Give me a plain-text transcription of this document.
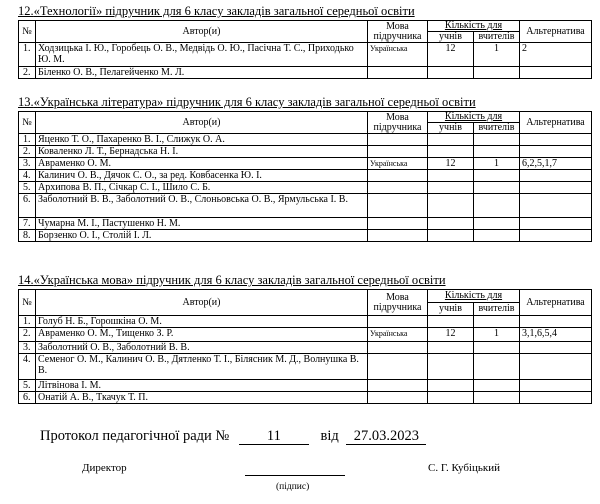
12.«Технології» підручник для 6 класу закладів загальної середньої освіти
№	Автор(и)	Мова підручника	Кількість для		Альтернатива
			учнів	вчителів	
1.	Ходзицька І. Ю., Горобець О. В., Медвідь О. Ю., Пасічна Т. С., Приходько Ю. М.	Українська	12	1	2
2.	Біленко О. В., Пелагейченко М. Л.				
13.«Українська література» підручник для 6 класу закладів загальної середньої освіти
№	Автор(и)	Мова підручника	Кількість для		Альтернатива
			учнів	вчителів	
1.	Яценко Т. О., Пахаренко В. І., Слижук О. А.				
2.	Коваленко Л. Т., Бернадська Н. І.				
3.	Авраменко О. М.	Українська	12	1	6,2,5,1,7
4.	Калинич О. В., Дячок С. О., за ред. Ковбасенка Ю. І.				
5.	Архипова В. П., Січкар С. І., Шило С. Б.				
6.	Заболотний В. В., Заболотний О. В., Слоньовська О. В., Ярмульська І. В.				
7.	Чумарна М. І., Пастушенко Н. М.				
8.	Борзенко О. І., Столій І. Л.				
14.«Українська мова» підручник для 6 класу закладів загальної середньої освіти
№	Автор(и)	Мова підручника	Кількість для		Альтернатива
			учнів	вчителів	
1.	Голуб Н. Б., Горошкіна О. М.				
2.	Авраменко О. М., Тищенко З. Р.	Українська	12	1	3,1,6,5,4
3.	Заболотний О. В., Заболотний В. В.				
4.	Семеног О. М., Калинич О. В., Дятленко Т. І., Білясник М. Д., Волнушка В. В.				
5.	Літвінова І. М.				
6.	Онатій А. В., Ткачук Т. П.				
Протокол педагогічної ради №	11	від 27.03.2023
Директор
(підпис)
С. Г. Кубіцький
